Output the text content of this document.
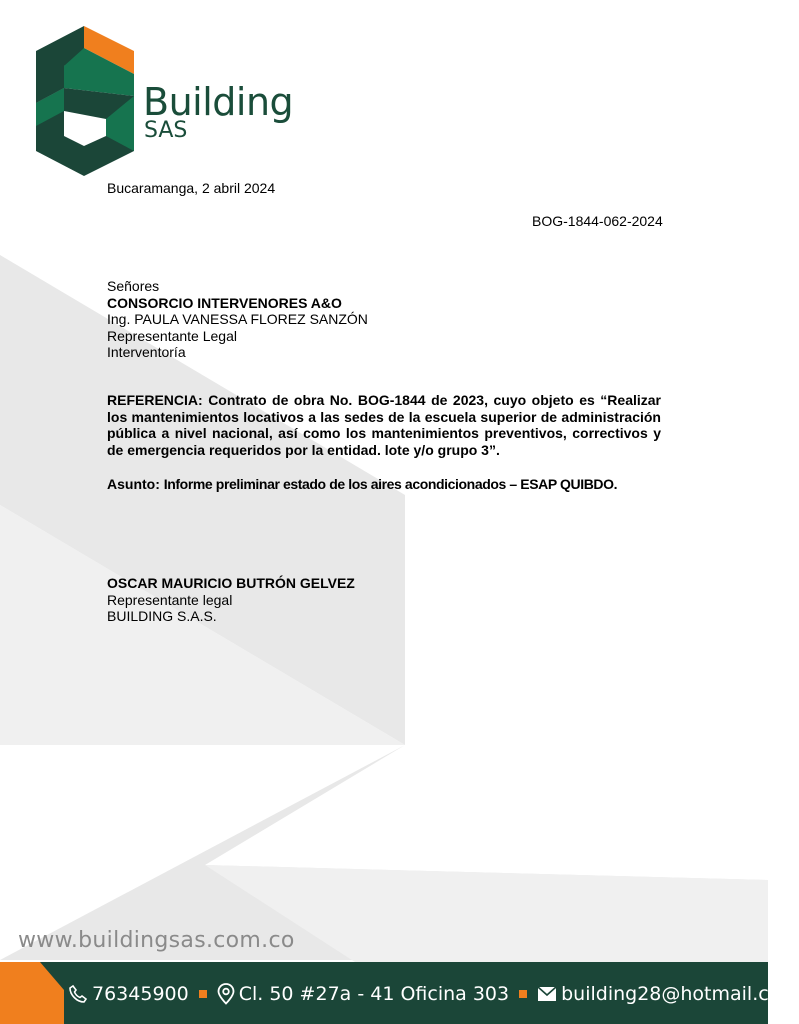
Building
SAS
Bucaramanga, 2 abril 2024
BOG-1844-062-2024
Señores
CONSORCIO INTERVENORES A&O
Ing. PAULA VANESSA FLOREZ SANZÓN
Representante Legal
Interventoría
REFERENCIA: Contrato de obra No. BOG-1844 de 2023, cuyo objeto es “Realizar los mantenimientos locativos a las sedes de la escuela superior de administración pública a nivel nacional, así como los mantenimientos preventivos, correctivos y de emergencia requeridos por la entidad. lote y/o grupo 3”.
Asunto: Informe preliminar estado de los aires acondicionados – ESAP QUIBDO.
OSCAR MAURICIO BUTRÓN GELVEZ
Representante legal
BUILDING S.A.S.
www.buildingsas.com.co
76345900	Cl. 50 #27a - 41 Oficina 303	building28@hotmail.com
